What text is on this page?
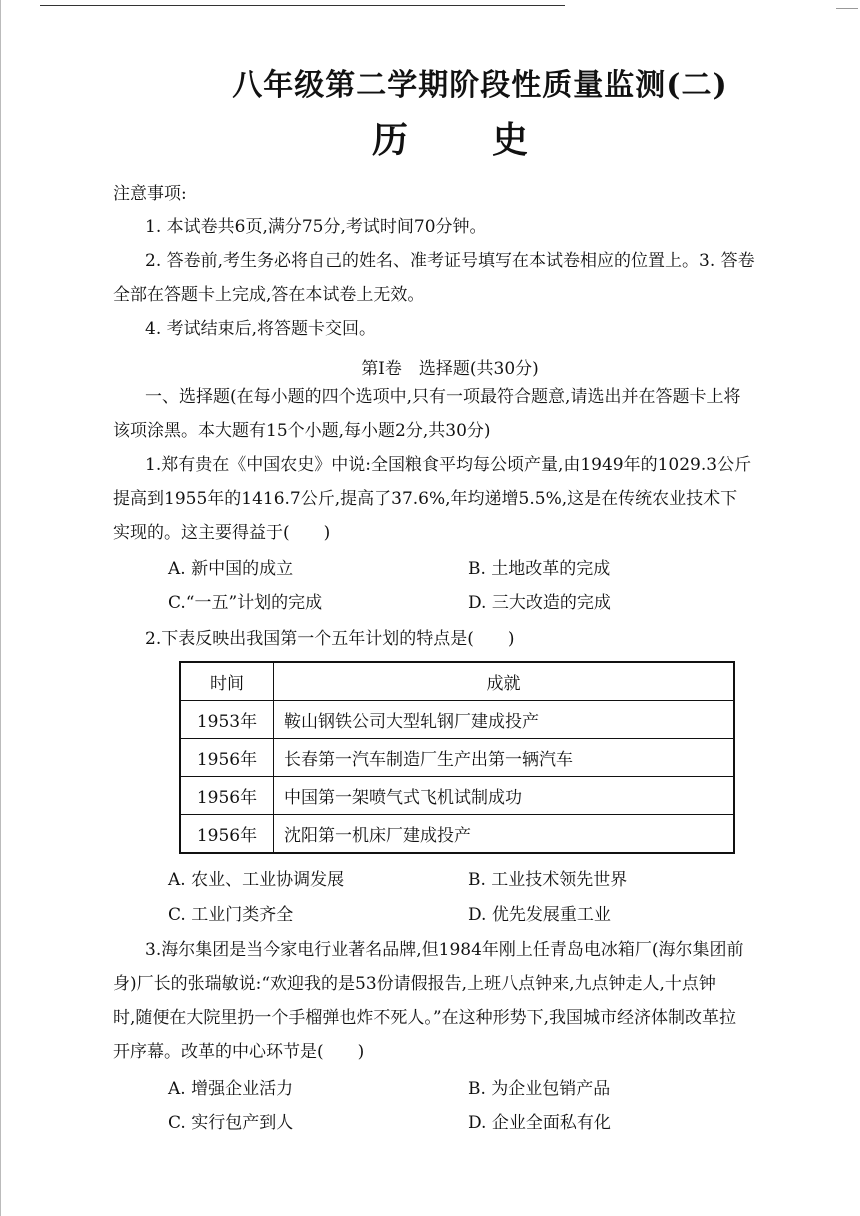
八年级第二学期阶段性质量监测(二)
历 史
注意事项:
1. 本试卷共6页,满分75分,考试时间70分钟。
2. 答卷前,考生务必将自己的姓名、准考证号填写在本试卷相应的位置上。3. 答卷
全部在答题卡上完成,答在本试卷上无效。
4. 考试结束后,将答题卡交回。
第Ⅰ卷　选择题(共30分)
一、选择题(在每小题的四个选项中,只有一项最符合题意,请选出并在答题卡上将
该项涂黑。本大题有15个小题,每小题2分,共30分)
1.郑有贵在《中国农史》中说:全国粮食平均每公顷产量,由1949年的1029.3公斤
提高到1955年的1416.7公斤,提高了37.6%,年均递增5.5%,这是在传统农业技术下
实现的。这主要得益于(　　)
A. 新中国的成立	B. 土地改革的完成
C.“一五”计划的完成	D. 三大改造的完成
2.下表反映出我国第一个五年计划的特点是(　　)
时间	成就
1953年	鞍山钢铁公司大型轧钢厂建成投产
1956年	长春第一汽车制造厂生产出第一辆汽车
1956年	中国第一架喷气式飞机试制成功
1956年	沈阳第一机床厂建成投产
A. 农业、工业协调发展	B. 工业技术领先世界
C. 工业门类齐全	D. 优先发展重工业
3.海尔集团是当今家电行业著名品牌,但1984年刚上任青岛电冰箱厂(海尔集团前
身)厂长的张瑞敏说:“欢迎我的是53份请假报告,上班八点钟来,九点钟走人,十点钟
时,随便在大院里扔一个手榴弹也炸不死人。”在这种形势下,我国城市经济体制改革拉
开序幕。改革的中心环节是(　　)
A. 增强企业活力	B. 为企业包销产品
C. 实行包产到人	D. 企业全面私有化
